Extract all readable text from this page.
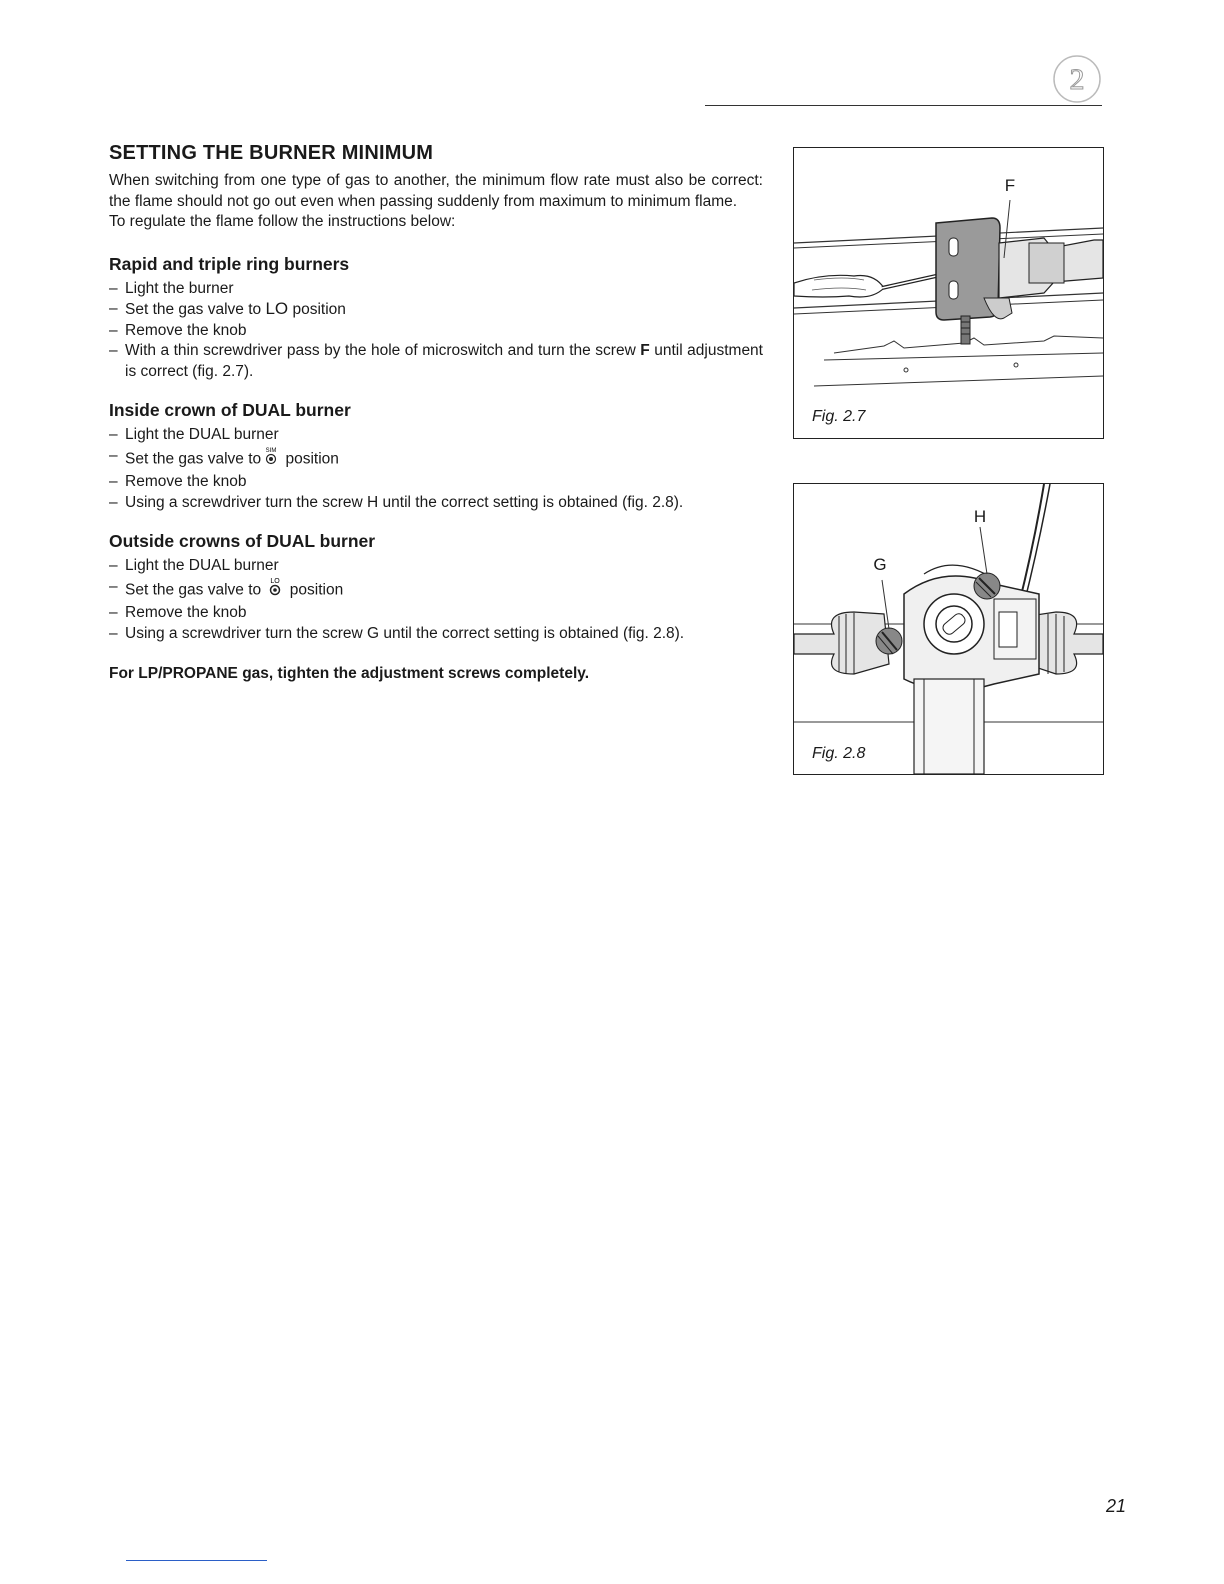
2
SETTING THE BURNER MINIMUM

When switching from one type of gas to another, the minimum flow rate must also be correct: the flame should not go out even when passing suddenly from maximum to minimum flame.

To regulate the flame follow the instructions below:

Rapid and triple ring burners
– Light the burner
– Set the gas valve to LO position
– Remove the knob
– With a thin screwdriver pass by the hole of microswitch and turn the screw F until adjustment is correct (fig. 2.7).
Inside crown of DUAL burner
– Light the DUAL burner
– Set the gas valve to SIM position
– Remove the knob
– Using a screwdriver turn the screw H until the correct setting is obtained (fig. 2.8).
Outside crowns of DUAL burner
– Light the DUAL burner
– Set the gas valve to LO position
– Remove the knob
– Using a screwdriver turn the screw G until the correct setting is obtained (fig. 2.8).

For LP/PROPANE gas, tighten the adjustment screws completely.

F
Fig. 2.7
H
G
Fig. 2.8
21
